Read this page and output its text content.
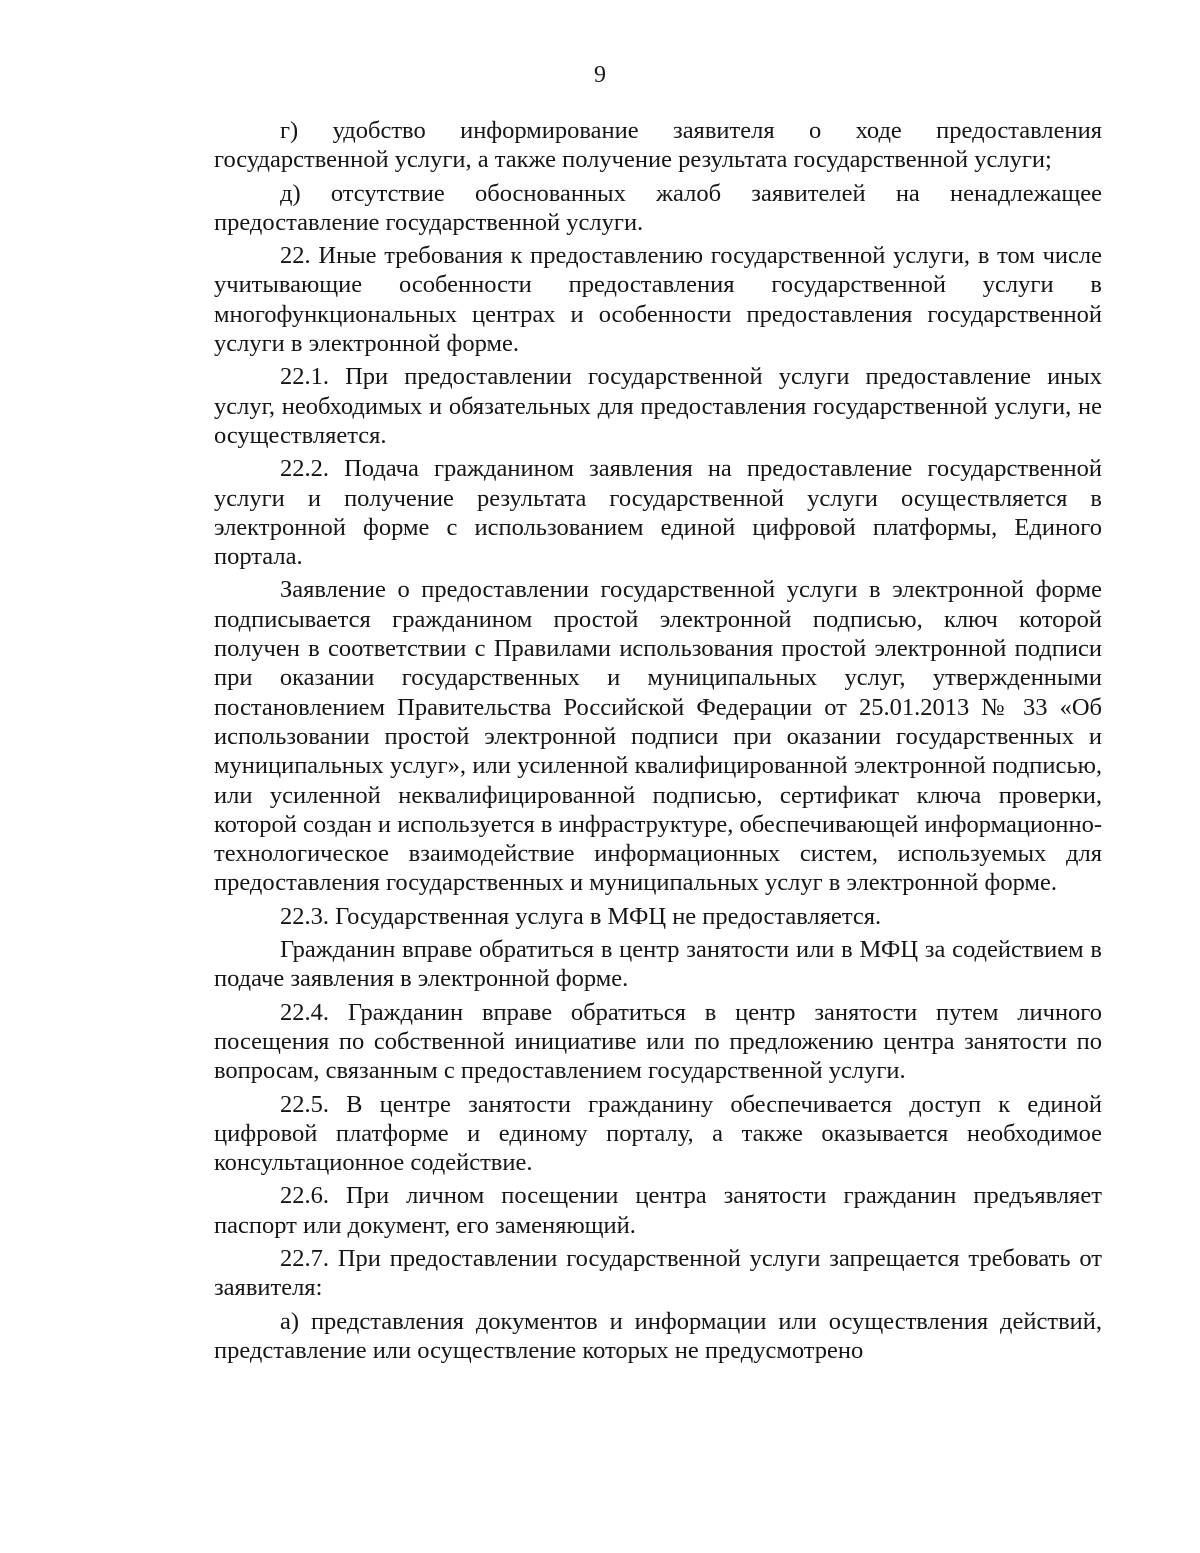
9

г) удобство информирование заявителя о ходе предоставления государственной услуги, а также получение результата государственной услуги;

д) отсутствие обоснованных жалоб заявителей на ненадлежащее предоставление государственной услуги.

22. Иные требования к предоставлению государственной услуги, в том числе учитывающие особенности предоставления государственной услуги в многофункциональных центрах и особенности предоставления государственной услуги в электронной форме.

22.1. При предоставлении государственной услуги предоставление иных услуг, необходимых и обязательных для предоставления государственной услуги, не осуществляется.

22.2. Подача гражданином заявления на предоставление государственной услуги и получение результата государственной услуги осуществляется в электронной форме с использованием единой цифровой платформы, Единого портала.

Заявление о предоставлении государственной услуги в электронной форме подписывается гражданином простой электронной подписью, ключ которой получен в соответствии с Правилами использования простой электронной подписи при оказании государственных и муниципальных услуг, утвержденными постановлением Правительства Российской Федерации от 25.01.2013 № 33 «Об использовании простой электронной подписи при оказании государственных и муниципальных услуг», или усиленной квалифицированной электронной подписью, или усиленной неквалифицированной подписью, сертификат ключа проверки, которой создан и используется в инфраструктуре, обеспечивающей информационно-технологическое взаимодействие информационных систем, используемых для предоставления государственных и муниципальных услуг в электронной форме.

22.3. Государственная услуга в МФЦ не предоставляется.

Гражданин вправе обратиться в центр занятости или в МФЦ за содействием в подаче заявления в электронной форме.

22.4. Гражданин вправе обратиться в центр занятости путем личного посещения по собственной инициативе или по предложению центра занятости по вопросам, связанным с предоставлением государственной услуги.

22.5. В центре занятости гражданину обеспечивается доступ к единой цифровой платформе и единому порталу, а также оказывается необходимое консультационное содействие.

22.6. При личном посещении центра занятости гражданин предъявляет паспорт или документ, его заменяющий.

22.7. При предоставлении государственной услуги запрещается требовать от заявителя:

а) представления документов и информации или осуществления действий, представление или осуществление которых не предусмотрено
